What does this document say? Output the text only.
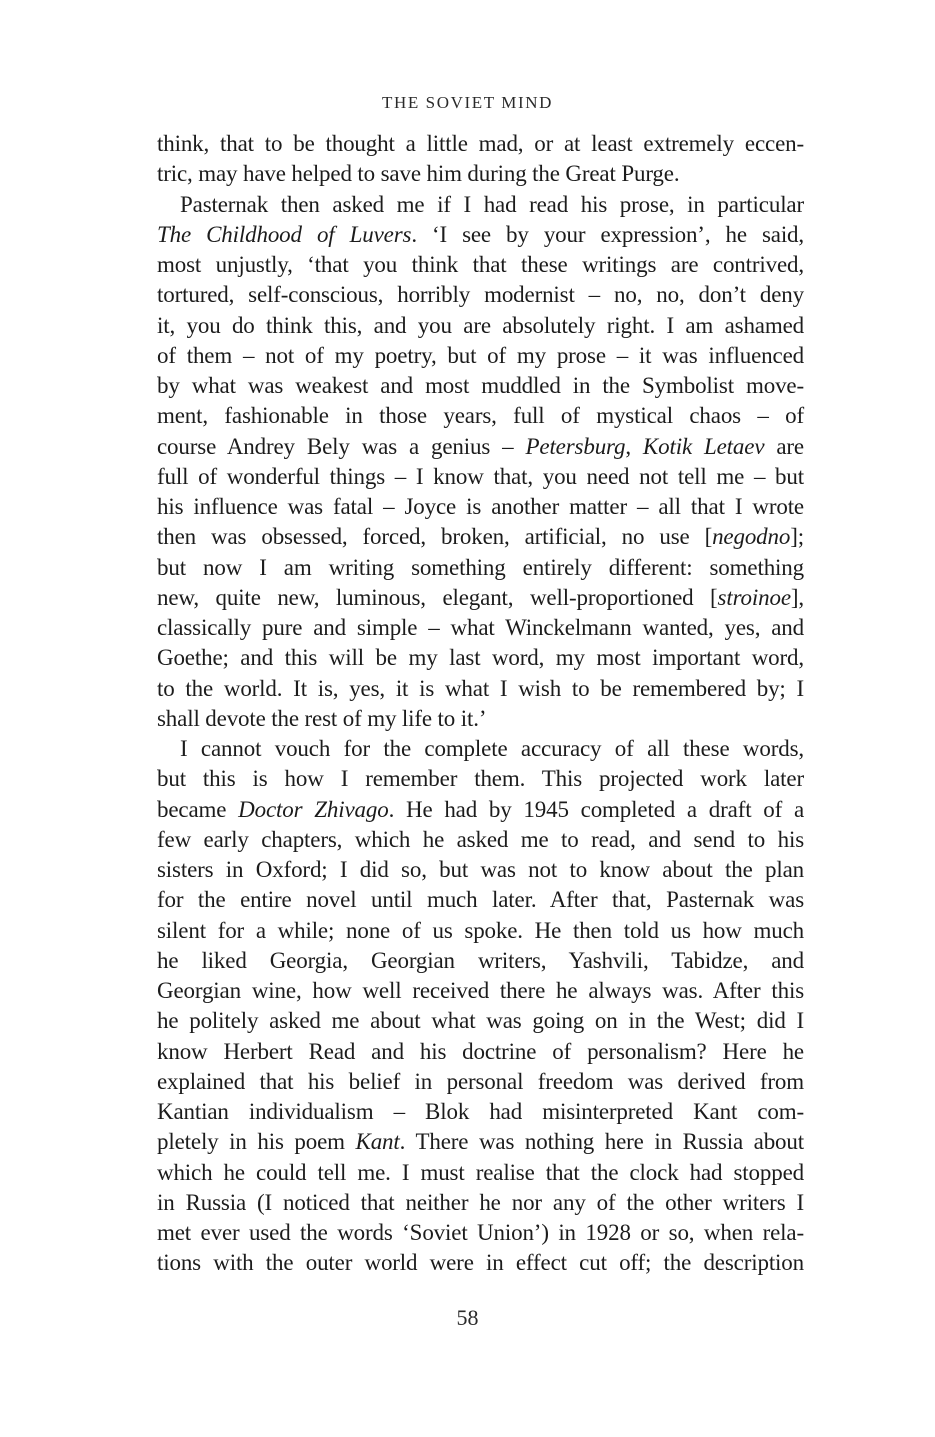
THE SOVIET MIND
think, that to be thought a little mad, or at least extremely eccen-
tric, may have helped to save him during the Great Purge.
Pasternak then asked me if I had read his prose, in particular
The Childhood of Luvers. ‘I see by your expression’, he said,
most unjustly, ‘that you think that these writings are contrived,
tortured, self-conscious, horribly modernist – no, no, don’t deny
it, you do think this, and you are absolutely right. I am ashamed
of them – not of my poetry, but of my prose – it was influenced
by what was weakest and most muddled in the Symbolist move-
ment, fashionable in those years, full of mystical chaos – of
course Andrey Bely was a genius – Petersburg, Kotik Letaev are
full of wonderful things – I know that, you need not tell me – but
his influence was fatal – Joyce is another matter – all that I wrote
then was obsessed, forced, broken, artificial, no use [negodno];
but now I am writing something entirely different: something
new, quite new, luminous, elegant, well-proportioned [stroinoe],
classically pure and simple – what Winckelmann wanted, yes, and
Goethe; and this will be my last word, my most important word,
to the world. It is, yes, it is what I wish to be remembered by; I
shall devote the rest of my life to it.’
I cannot vouch for the complete accuracy of all these words,
but this is how I remember them. This projected work later
became Doctor Zhivago. He had by 1945 completed a draft of a
few early chapters, which he asked me to read, and send to his
sisters in Oxford; I did so, but was not to know about the plan
for the entire novel until much later. After that, Pasternak was
silent for a while; none of us spoke. He then told us how much
he liked Georgia, Georgian writers, Yashvili, Tabidze, and
Georgian wine, how well received there he always was. After this
he politely asked me about what was going on in the West; did I
know Herbert Read and his doctrine of personalism? Here he
explained that his belief in personal freedom was derived from
Kantian individualism – Blok had misinterpreted Kant com-
pletely in his poem Kant. There was nothing here in Russia about
which he could tell me. I must realise that the clock had stopped
in Russia (I noticed that neither he nor any of the other writers I
met ever used the words ‘Soviet Union’) in 1928 or so, when rela-
tions with the outer world were in effect cut off; the description
58
